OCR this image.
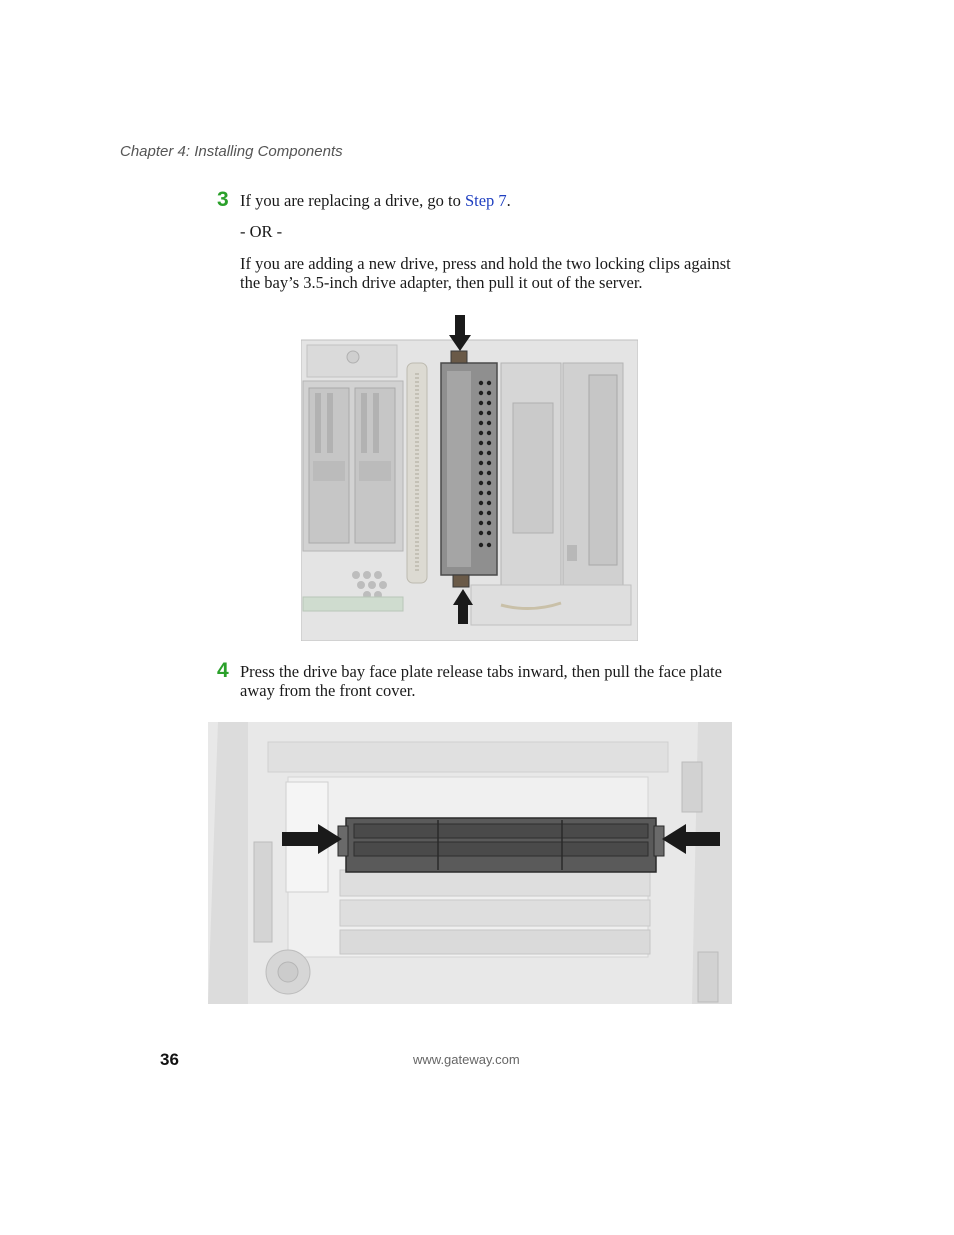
Chapter 4: Installing Components
3 If you are replacing a drive, go to Step 7.
- OR -
If you are adding a new drive, press and hold the two locking clips against
the bay’s 3.5-inch drive adapter, then pull it out of the server.
4 Press the drive bay face plate release tabs inward, then pull the face plate
away from the front cover.
36	www.gateway.com
